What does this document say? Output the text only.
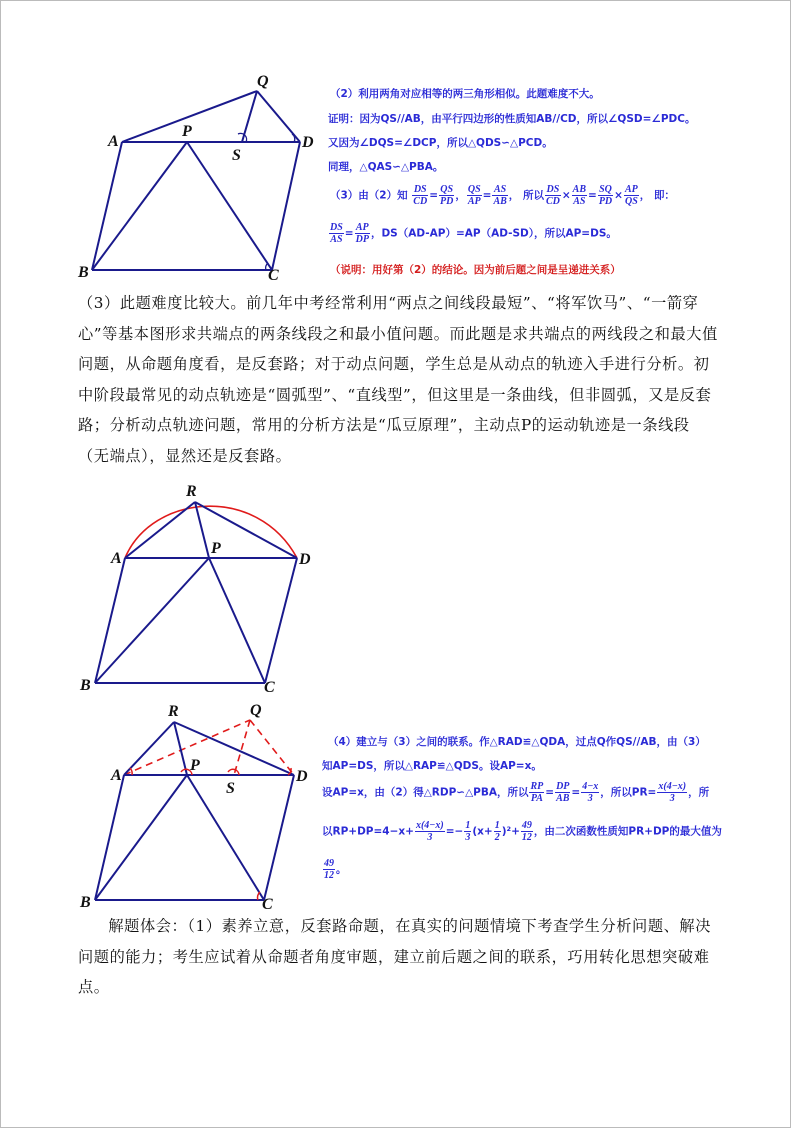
Q
A
P
S
D
B	C
（2）利用两角对应相等的两三角形相似。此题难度不大。
证明：因为QS//AB，由平行四边形的性质知AB//CD，所以∠QSD=∠PDC。
又因为∠DQS=∠DCP，所以△QDS∽△PCD。
同理，△QAS∽△PBA。
（3）由（2）知 $\frac{DS}{CD} = \frac{QS}{PD}$ ， $\frac{QS}{AP} = \frac{AS}{AB}$ ， 所以 $\frac{DS}{CD} \times \frac{AB}{AS} = \frac{SQ}{PD} \times \frac{AP}{QS}$ ， 即：
$\frac{DS}{AS} = \frac{AP}{DP}$ ，DS（AD-AP）=AP（AD-SD），所以AP=DS。
（说明：用好第（2）的结论。因为前后题之间是呈递进关系）

（3）此题难度比较大。前几年中考经常利用“两点之间线段最短”、“将军饮马”、“一箭穿心”等基本图形求共端点的两条线段之和最小值问题。而此题是求共端点的两线段之和最大值问题，从命题角度看，是反套路；对于动点问题，学生总是从动点的轨迹入手进行分析。初中阶段最常见的动点轨迹是“圆弧型”、“直线型”，但这里是一条曲线，但非圆弧，又是反套路；分析动点轨迹问题，常用的分析方法是“瓜豆原理”，主动点P的运动轨迹是一条线段（无端点），显然还是反套路。

R
A
P
D
B	C
R	Q
A
P
S
D
B	C
（4）建立与（3）之间的联系。作△RAD≌△QDA，过点Q作QS//AB，由（3）
知AP=DS，所以△RAP≌△QDS。设AP=x。
设AP=x，由（2）得△RDP∽△PBA，所以 $\frac{RP}{PA} = \frac{DP}{AB} = \frac{4-x}{3}$ ，所以$PR= \frac{x(4-x)}{3}$ ，所
以$RP+DP=4-x+ \frac{x(4-x)}{3} =- \frac{1}{3} (x+ \frac{1}{2} )^2+ \frac{49}{12}$ ，由二次函数性质知PR+DP的最大值为
$\frac{49}{12}$ 。

解题体会：（1）素养立意，反套路命题，在真实的问题情境下考查学生分析问题、解决问题的能力；考生应试着从命题者角度审题，建立前后题之间的联系，巧用转化思想突破难点。
